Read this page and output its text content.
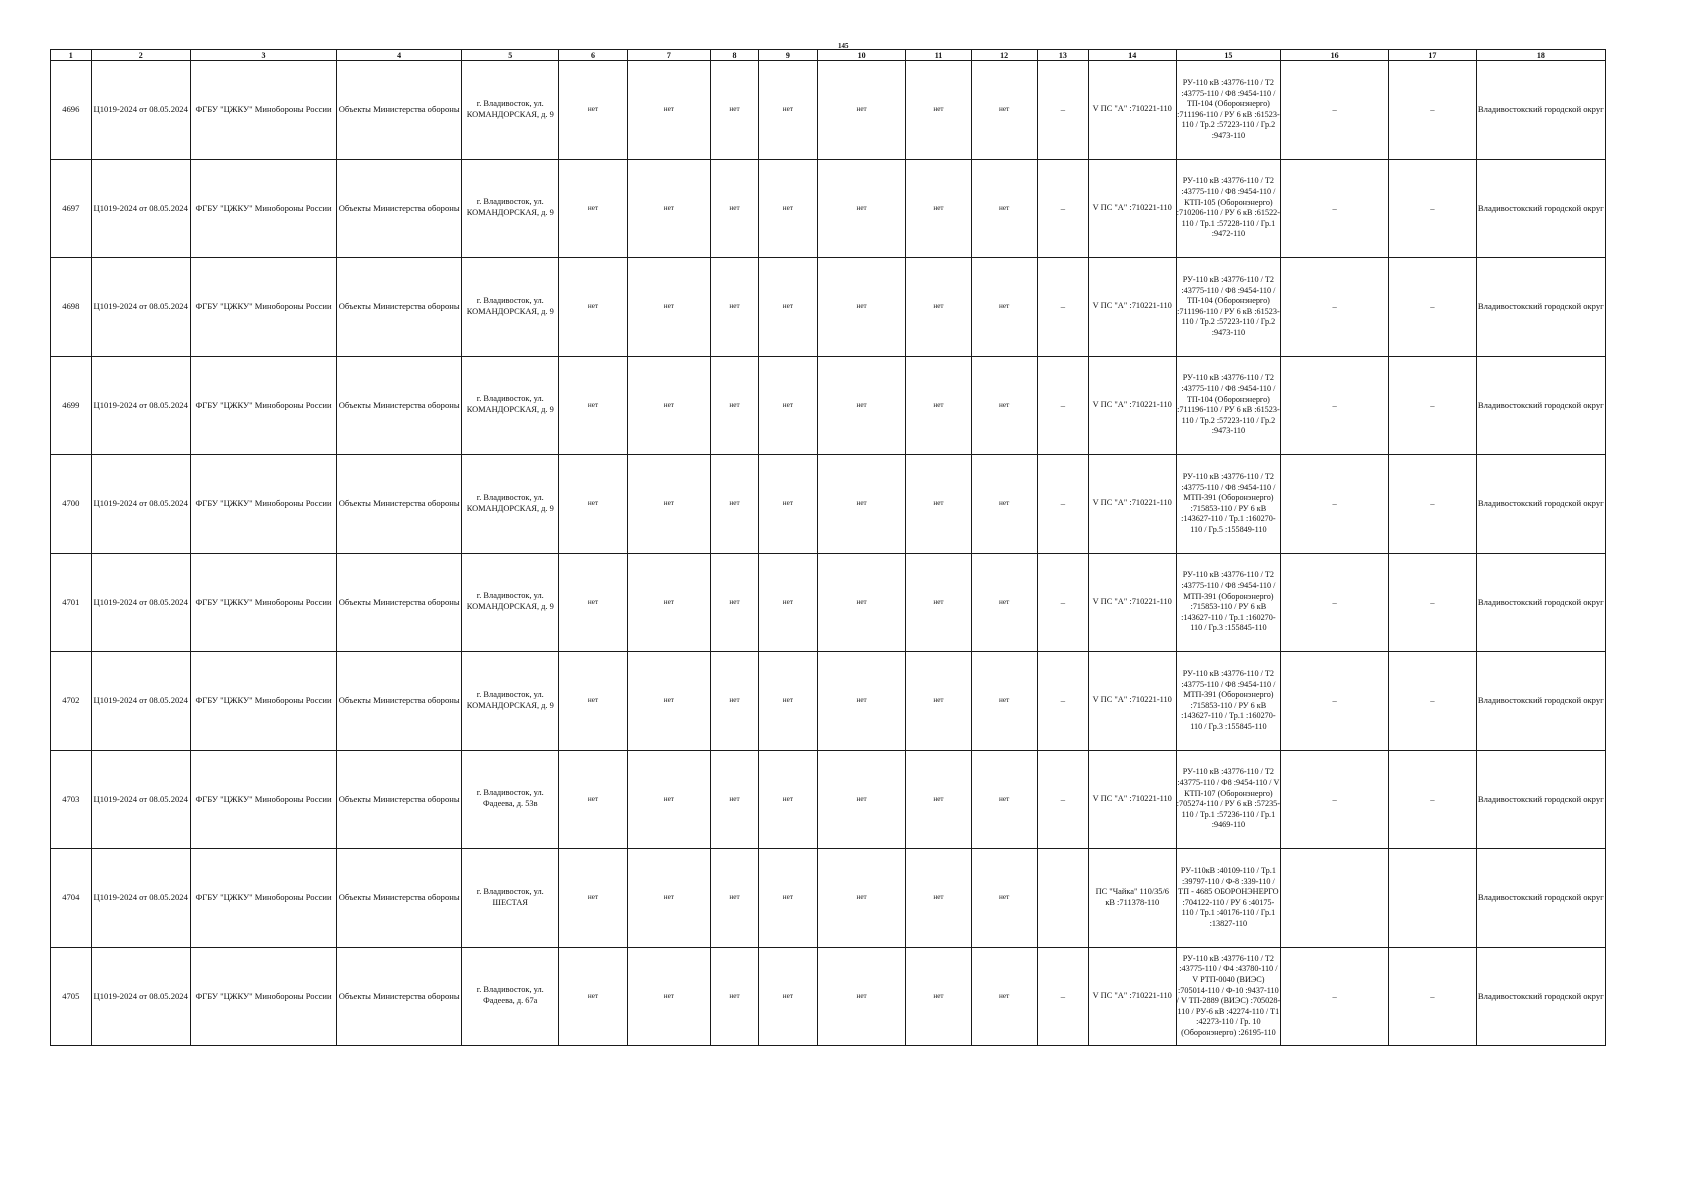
145
1	2	3	4	5	6	7	8	9	10	11	12	13	14	15	16	17	18
4696	Ц1019-2024 от 08.05.2024	ФГБУ "ЦЖКУ" Минобороны России	Объекты Министерства обороны	г. Владивосток, ул. КОМАНДОРСКАЯ, д. 9	нет	нет	нет	нет	нет	нет	нет	–	V ПС "А" :710221-110	РУ-110 кВ :43776-110 / Т2 :43775-110 / Ф8 :9454-110 / ТП-104 (Оборонэнерго) :711196-110 / РУ 6 кВ :61523-110 / Тр.2 :57223-110 / Гр.2 :9473-110	–	–	Владивостокский городской округ
4697	Ц1019-2024 от 08.05.2024	ФГБУ "ЦЖКУ" Минобороны России	Объекты Министерства обороны	г. Владивосток, ул. КОМАНДОРСКАЯ, д. 9	нет	нет	нет	нет	нет	нет	нет	–	V ПС "А" :710221-110	РУ-110 кВ :43776-110 / Т2 :43775-110 / Ф8 :9454-110 / КТП-105 (Оборонэнерго) :710206-110 / РУ 6 кВ :61522-110 / Тр.1 :57228-110 / Гр.1 :9472-110	–	–	Владивостокский городской округ
4698	Ц1019-2024 от 08.05.2024	ФГБУ "ЦЖКУ" Минобороны России	Объекты Министерства обороны	г. Владивосток, ул. КОМАНДОРСКАЯ, д. 9	нет	нет	нет	нет	нет	нет	нет	–	V ПС "А" :710221-110	РУ-110 кВ :43776-110 / Т2 :43775-110 / Ф8 :9454-110 / ТП-104 (Оборонэнерго) :711196-110 / РУ 6 кВ :61523-110 / Тр.2 :57223-110 / Гр.2 :9473-110	–	–	Владивостокский городской округ
4699	Ц1019-2024 от 08.05.2024	ФГБУ "ЦЖКУ" Минобороны России	Объекты Министерства обороны	г. Владивосток, ул. КОМАНДОРСКАЯ, д. 9	нет	нет	нет	нет	нет	нет	нет	–	V ПС "А" :710221-110	РУ-110 кВ :43776-110 / Т2 :43775-110 / Ф8 :9454-110 / ТП-104 (Оборонэнерго) :711196-110 / РУ 6 кВ :61523-110 / Тр.2 :57223-110 / Гр.2 :9473-110	–	–	Владивостокский городской округ
4700	Ц1019-2024 от 08.05.2024	ФГБУ "ЦЖКУ" Минобороны России	Объекты Министерства обороны	г. Владивосток, ул. КОМАНДОРСКАЯ, д. 9	нет	нет	нет	нет	нет	нет	нет	–	V ПС "А" :710221-110	РУ-110 кВ :43776-110 / Т2 :43775-110 / Ф8 :9454-110 / МТП-391 (Оборонэнерго) :715853-110 / РУ 6 кВ :143627-110 / Тр.1 :160270-110 / Гр.5 :155849-110	–	–	Владивостокский городской округ
4701	Ц1019-2024 от 08.05.2024	ФГБУ "ЦЖКУ" Минобороны России	Объекты Министерства обороны	г. Владивосток, ул. КОМАНДОРСКАЯ, д. 9	нет	нет	нет	нет	нет	нет	нет	–	V ПС "А" :710221-110	РУ-110 кВ :43776-110 / Т2 :43775-110 / Ф8 :9454-110 / МТП-391 (Оборонэнерго) :715853-110 / РУ 6 кВ :143627-110 / Тр.1 :160270-110 / Гр.3 :155845-110	–	–	Владивостокский городской округ
4702	Ц1019-2024 от 08.05.2024	ФГБУ "ЦЖКУ" Минобороны России	Объекты Министерства обороны	г. Владивосток, ул. КОМАНДОРСКАЯ, д. 9	нет	нет	нет	нет	нет	нет	нет	–	V ПС "А" :710221-110	РУ-110 кВ :43776-110 / Т2 :43775-110 / Ф8 :9454-110 / МТП-391 (Оборонэнерго) :715853-110 / РУ 6 кВ :143627-110 / Тр.1 :160270-110 / Гр.3 :155845-110	–	–	Владивостокский городской округ
4703	Ц1019-2024 от 08.05.2024	ФГБУ "ЦЖКУ" Минобороны России	Объекты Министерства обороны	г. Владивосток, ул. Фадеева, д. 53в	нет	нет	нет	нет	нет	нет	нет	–	V ПС "А" :710221-110	РУ-110 кВ :43776-110 / Т2 :43775-110 / Ф8 :9454-110 / V КТП-107 (Оборонэнерго) :705274-110 / РУ 6 кВ :57235-110 / Тр.1 :57236-110 / Гр.1 :9469-110	–	–	Владивостокский городской округ
4704	Ц1019-2024 от 08.05.2024	ФГБУ "ЦЖКУ" Минобороны России	Объекты Министерства обороны	г. Владивосток, ул. ШЕСТАЯ	нет	нет	нет	нет	нет	нет	нет		ПС "Чайка" 110/35/6 кВ :711378-110	РУ-110кВ :40109-110 / Тр.1 :39797-110 / Ф-8 :339-110 / ТП - 4685 ОБОРОНЭНЕРГО :704122-110 / РУ 6 :40175-110 / Тр.1 :40176-110 / Гр.1 :13827-110			Владивостокский городской округ
4705	Ц1019-2024 от 08.05.2024	ФГБУ "ЦЖКУ" Минобороны России	Объекты Министерства обороны	г. Владивосток, ул. Фадеева, д. 67а	нет	нет	нет	нет	нет	нет	нет	–	V ПС "А" :710221-110	РУ-110 кВ :43776-110 / Т2 :43775-110 / Ф4 :43780-110 / V РТП-0040 (ВИЭС) :705014-110 / Ф-10 :9437-110 / V ТП-2889 (ВИЭС) :705028-110 / РУ-6 кВ :42274-110 / Т1 :42273-110 / Гр. 10 (Оборонэнерго) :26195-110	–	–	Владивостокский городской округ
